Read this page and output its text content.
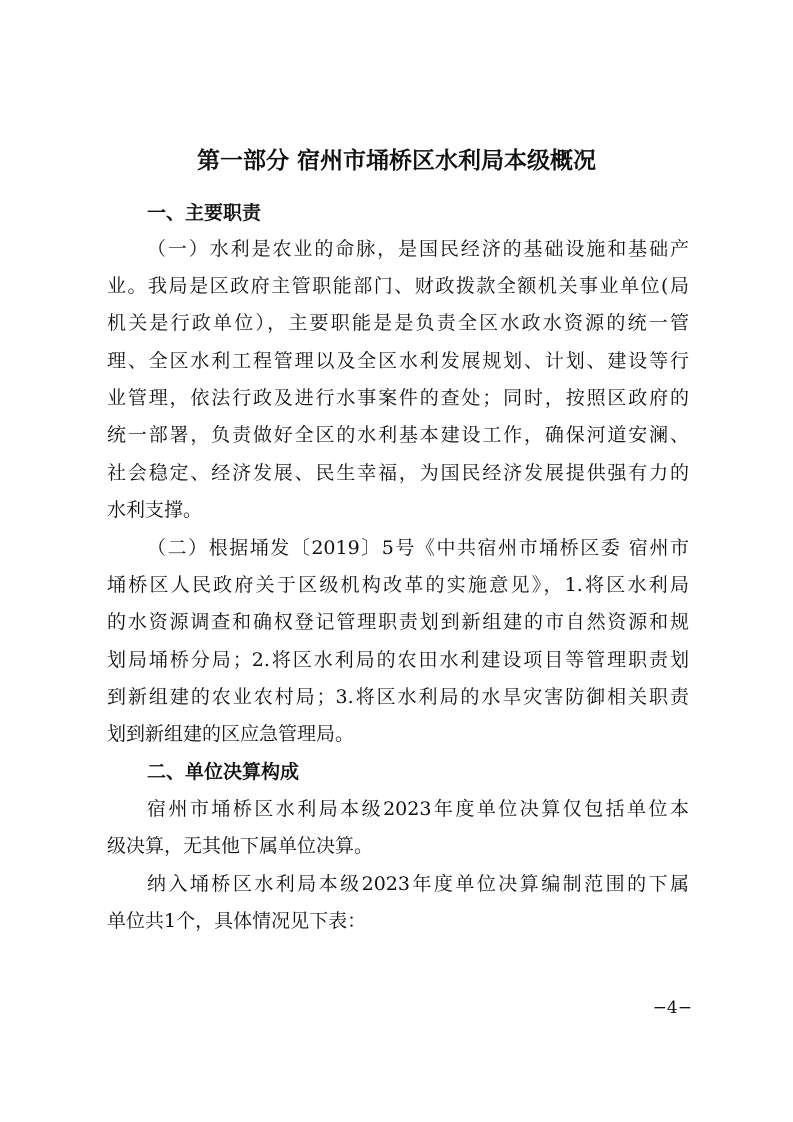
第一部分 宿州市埇桥区水利局本级概况
一、主要职责
（一）水利是农业的命脉，是国民经济的基础设施和基础产
业。我局是区政府主管职能部门、财政拨款全额机关事业单位(局
机关是行政单位），主要职能是是负责全区水政水资源的统一管
理、全区水利工程管理以及全区水利发展规划、计划、建设等行
业管理，依法行政及进行水事案件的查处；同时，按照区政府的
统一部署，负责做好全区的水利基本建设工作，确保河道安澜、
社会稳定、经济发展、民生幸福，为国民经济发展提供强有力的
水利支撑。
（二）根据埇发〔2019〕5号《中共宿州市埇桥区委 宿州市
埇桥区人民政府关于区级机构改革的实施意见》，1.将区水利局
的水资源调查和确权登记管理职责划到新组建的市自然资源和规
划局埇桥分局；2.将区水利局的农田水利建设项目等管理职责划
到新组建的农业农村局；3.将区水利局的水旱灾害防御相关职责
划到新组建的区应急管理局。
二、单位决算构成
宿州市埇桥区水利局本级2023年度单位决算仅包括单位本
级决算，无其他下属单位决算。
纳入埇桥区水利局本级2023年度单位决算编制范围的下属
单位共1个，具体情况见下表：
−4−
